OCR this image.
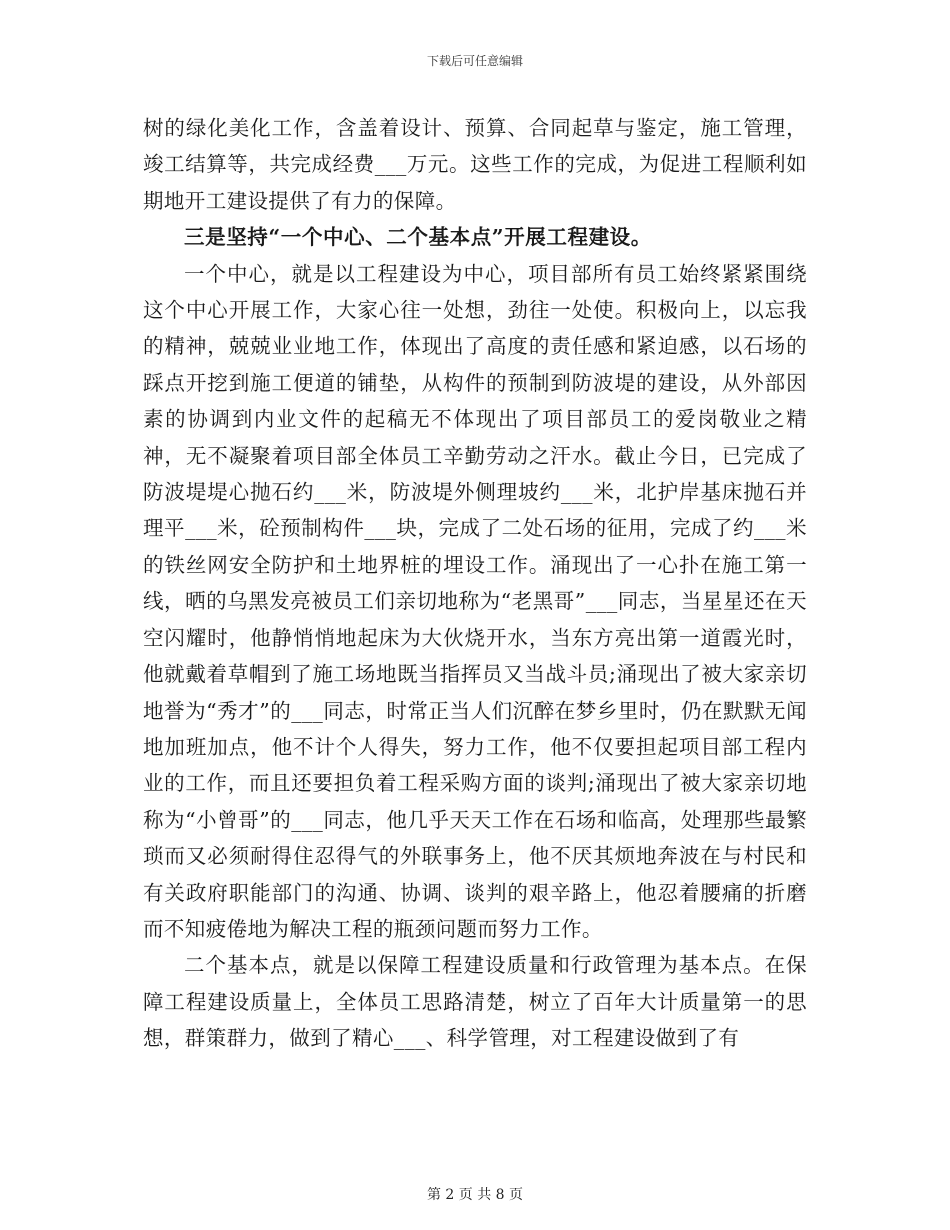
下载后可任意编辑

树的绿化美化工作，含盖着设计、预算、合同起草与鉴定，施工管理，竣工结算等，共完成经费___万元。这些工作的完成，为促进工程顺利如期地开工建设提供了有力的保障。

三是坚持“一个中心、二个基本点”开展工程建设。

一个中心，就是以工程建设为中心，项目部所有员工始终紧紧围绕这个中心开展工作，大家心往一处想，劲往一处使。积极向上，以忘我的精神，兢兢业业地工作，体现出了高度的责任感和紧迫感，以石场的踩点开挖到施工便道的铺垫，从构件的预制到防波堤的建设，从外部因素的协调到内业文件的起稿无不体现出了项目部员工的爱岗敬业之精神，无不凝聚着项目部全体员工辛勤劳动之汗水。截止今日，已完成了防波堤堤心抛石约___米，防波堤外侧理坡约___米，北护岸基床抛石并理平___米，砼预制构件___块，完成了二处石场的征用，完成了约___米的铁丝网安全防护和土地界桩的埋设工作。涌现出了一心扑在施工第一线，晒的乌黑发亮被员工们亲切地称为“老黑哥”___同志，当星星还在天空闪耀时，他静悄悄地起床为大伙烧开水，当东方亮出第一道霞光时，他就戴着草帽到了施工场地既当指挥员又当战斗员;涌现出了被大家亲切地誉为“秀才”的___同志，时常正当人们沉醉在梦乡里时，仍在默默无闻地加班加点，他不计个人得失，努力工作，他不仅要担起项目部工程内业的工作，而且还要担负着工程采购方面的谈判;涌现出了被大家亲切地称为“小曾哥”的___同志，他几乎天天工作在石场和临高，处理那些最繁琐而又必须耐得住忍得气的外联事务上，他不厌其烦地奔波在与村民和有关政府职能部门的沟通、协调、谈判的艰辛路上，他忍着腰痛的折磨而不知疲倦地为解决工程的瓶颈问题而努力工作。

二个基本点，就是以保障工程建设质量和行政管理为基本点。在保障工程建设质量上，全体员工思路清楚，树立了百年大计质量第一的思想，群策群力，做到了精心___、科学管理，对工程建设做到了有

第 2 页 共 8 页
